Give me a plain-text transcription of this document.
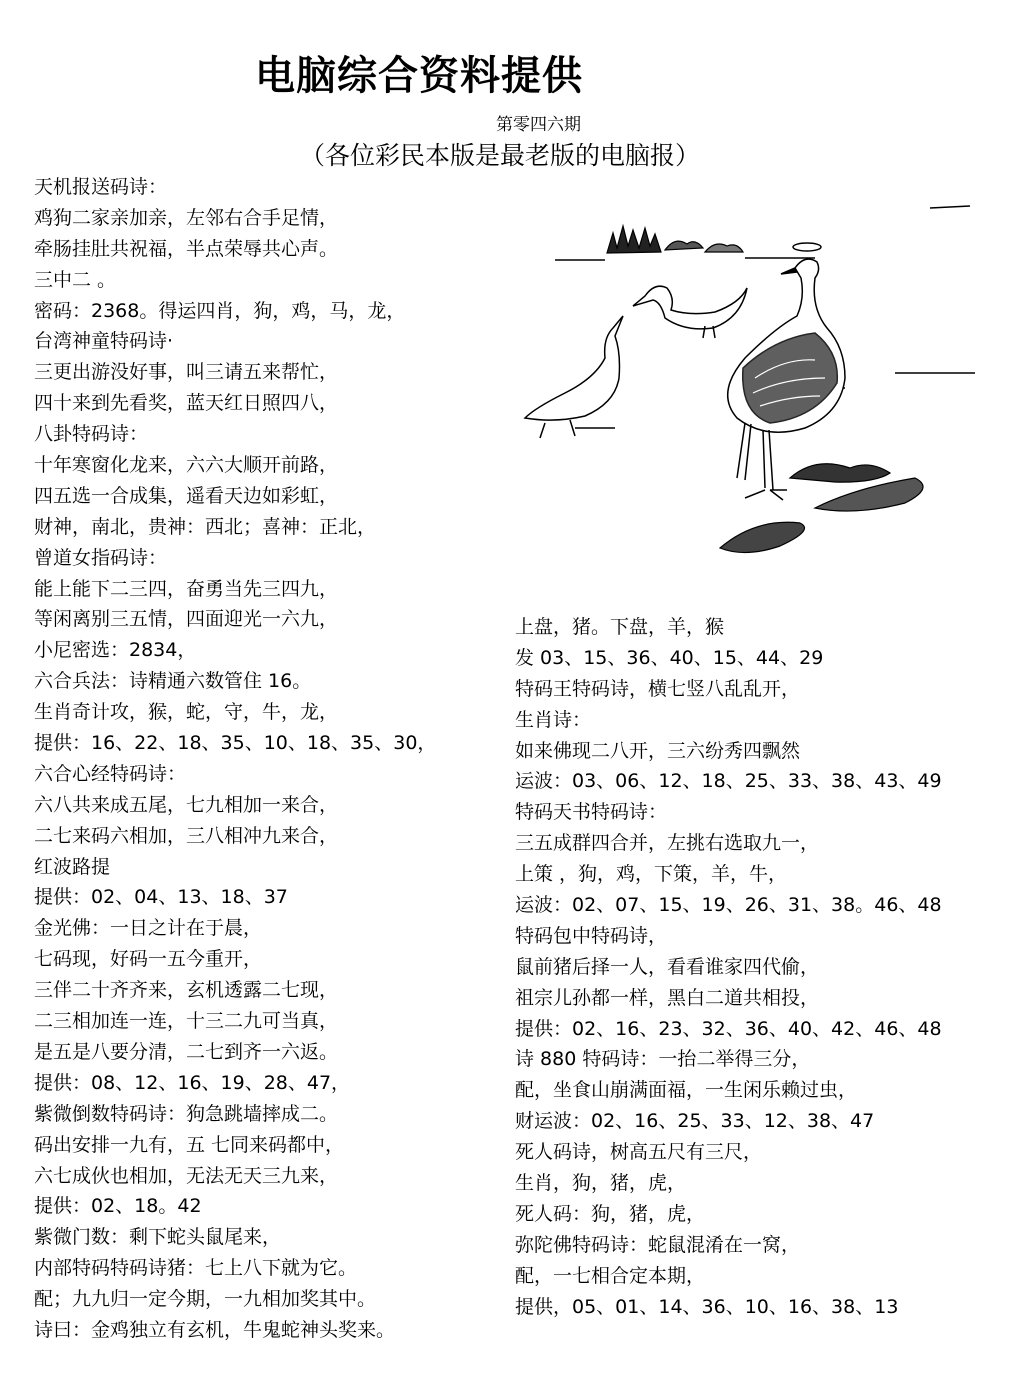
电脑综合资料提供
第零四六期
（各位彩民本版是最老版的电脑报）
天机报送码诗：
鸡狗二家亲加亲，左邻右合手足情，
牵肠挂肚共祝福，半点荣辱共心声。
三中二 。
密码：2368。得运四肖，狗，鸡，马，龙，
台湾神童特码诗·
三更出游没好事，叫三请五来帮忙，
四十来到先看奖，蓝天红日照四八，
八卦特码诗：
十年寒窗化龙来，六六大顺开前路，
四五选一合成集，遥看天边如彩虹，
财神，南北，贵神：西北；喜神：正北，
曾道女指码诗：
能上能下二三四，奋勇当先三四九，
等闲离别三五情，四面迎光一六九，
小尼密选：2834，
六合兵法：诗精通六数管住 16。
生肖奇计攻，猴，蛇，守，牛，龙，
提供：16、22、18、35、10、18、35、30，
六合心经特码诗：
六八共来成五尾，七九相加一来合，
二七来码六相加，三八相冲九来合，
红波路提
提供：02、04、13、18、37
金光佛：一日之计在于晨，
七码现，好码一五今重开，
三伴二十齐齐来，玄机透露二七现，
二三相加连一连，十三二九可当真，
是五是八要分清，二七到齐一六返。
提供：08、12、16、19、28、47，
紫微倒数特码诗：狗急跳墙摔成二。
码出安排一九有，五 七同来码都中，
六七成伙也相加，无法无天三九来，
提供：02、18。42
紫微门数：剩下蛇头鼠尾来，
内部特码特码诗猪：七上八下就为它。
配；九九归一定今期，一九相加奖其中。
诗曰：金鸡独立有玄机，牛鬼蛇神头奖来。
上盘，猪。下盘，羊，猴
发 03、15、36、40、15、44、29
特码王特码诗，横七竖八乱乱开，
生肖诗：
如来佛现二八开，三六纷秀四飘然
运波：03、06、12、18、25、33、38、43、49
特码天书特码诗：
三五成群四合并，左挑右选取九一，
上策 ，狗，鸡，下策，羊，牛，
运波：02、07、15、19、26、31、38。46、48
特码包中特码诗，
鼠前猪后择一人，看看谁家四代偷，
祖宗儿孙都一样，黑白二道共相投，
提供：02、16、23、32、36、40、42、46、48
诗 880 特码诗：一抬二举得三分，
配，坐食山崩满面福，一生闲乐赖过虫，
财运波：02、16、25、33、12、38、47
死人码诗，树高五尺有三尺，
生肖，狗，猪，虎，
死人码：狗，猪，虎，
弥陀佛特码诗：蛇鼠混淆在一窝，
配，一七相合定本期，
提供，05、01、14、36、10、16、38、13
